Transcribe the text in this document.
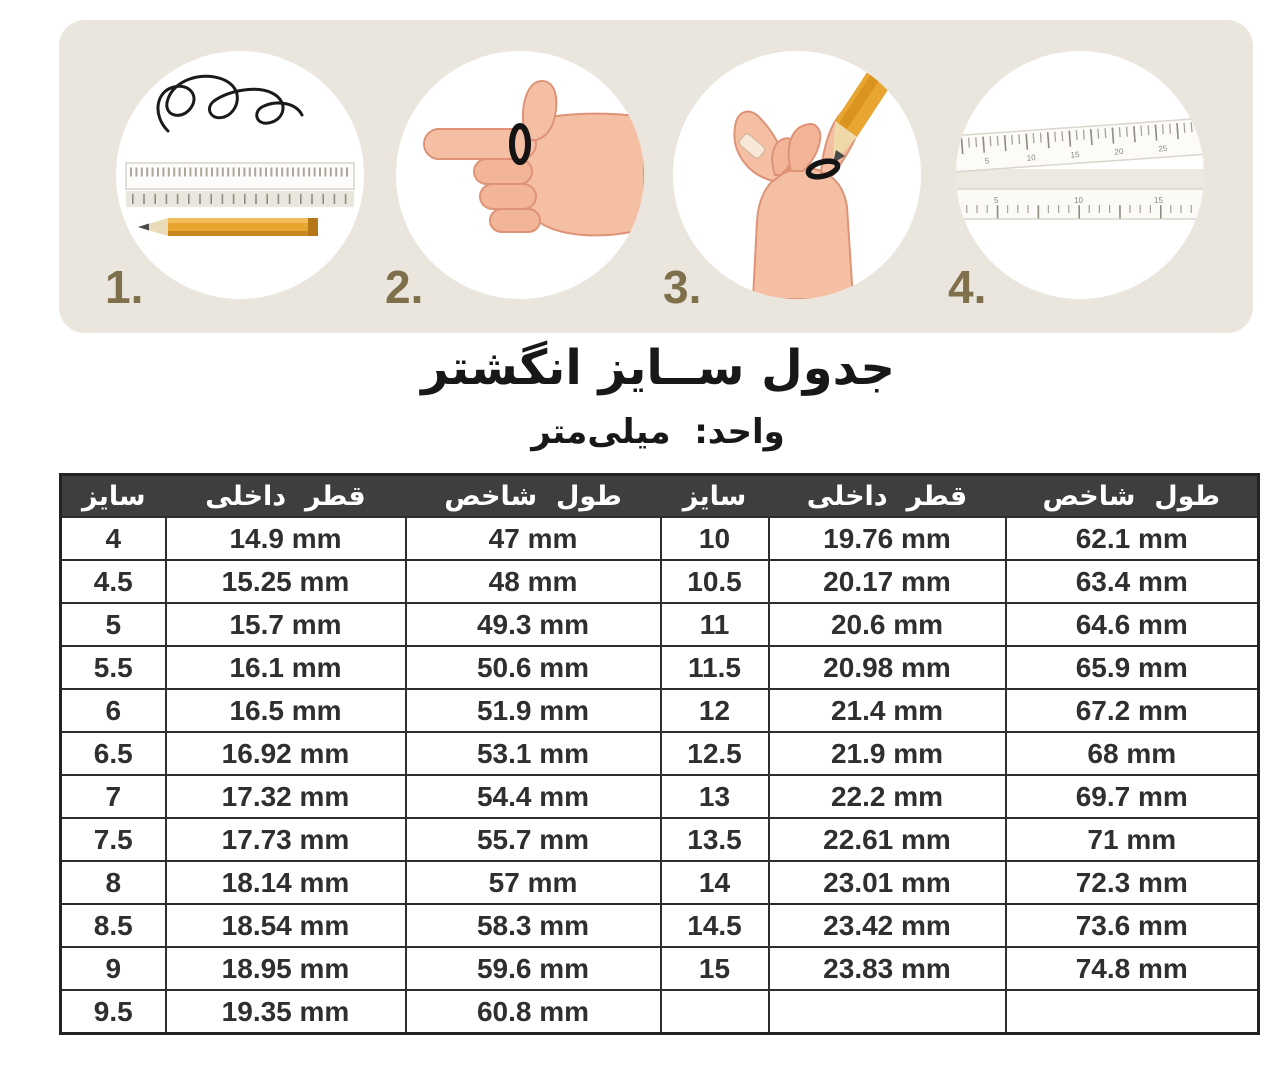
5	10	15	20	25
5	10	15
1.	2.	3.	4.
جدول ســایز انگشتر
واحد:  میلی‌متر
سایز	قطر  داخلی	طول  شاخص	سایز	قطر  داخلی	طول  شاخص
4	14.9 mm	47 mm	10	19.76 mm	62.1 mm
4.5	15.25 mm	48 mm	10.5	20.17 mm	63.4 mm
5	15.7 mm	49.3 mm	11	20.6 mm	64.6 mm
5.5	16.1 mm	50.6 mm	11.5	20.98 mm	65.9 mm
6	16.5 mm	51.9 mm	12	21.4 mm	67.2 mm
6.5	16.92 mm	53.1 mm	12.5	21.9 mm	68 mm
7	17.32 mm	54.4 mm	13	22.2 mm	69.7 mm
7.5	17.73 mm	55.7 mm	13.5	22.61 mm	71 mm
8	18.14 mm	57 mm	14	23.01 mm	72.3 mm
8.5	18.54 mm	58.3 mm	14.5	23.42 mm	73.6 mm
9	18.95 mm	59.6 mm	15	23.83 mm	74.8 mm
9.5	19.35 mm	60.8 mm			
